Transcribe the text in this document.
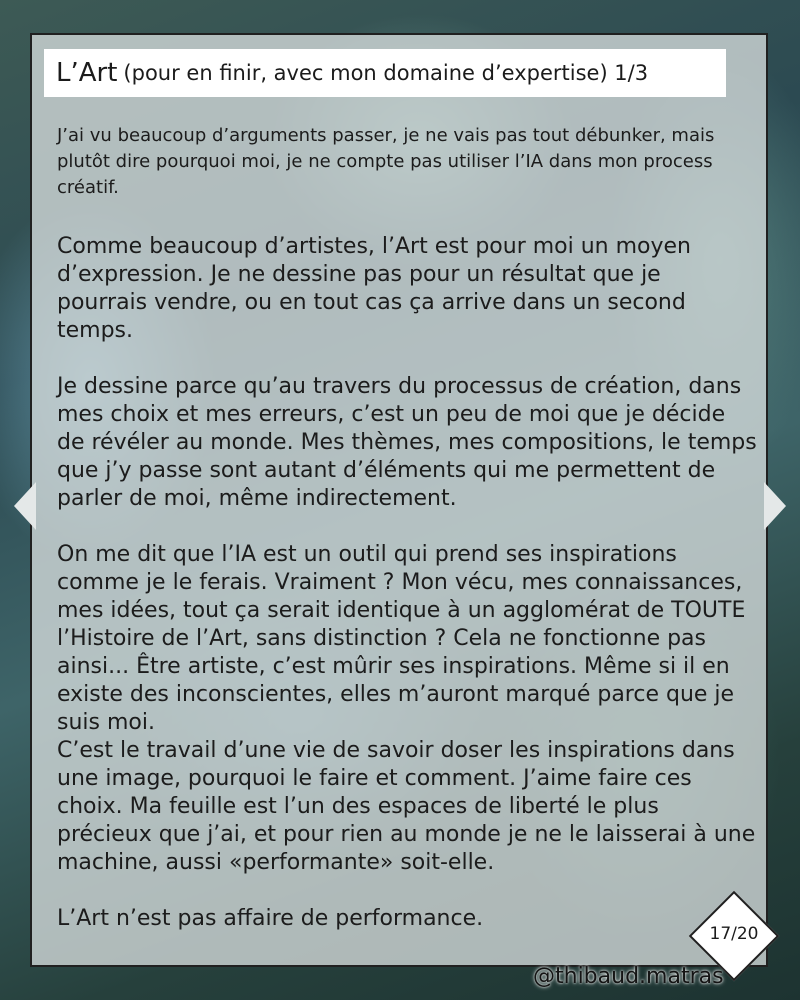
L’Art (pour en finir, avec mon domaine d’expertise) 1/3

J’ai vu beaucoup d’arguments passer, je ne vais pas tout débunker, mais plutôt dire pourquoi moi, je ne compte pas utiliser l’IA dans mon process créatif.

Comme beaucoup d’artistes, l’Art est pour moi un moyen d’expression. Je ne dessine pas pour un résultat que je pourrais vendre, ou en tout cas ça arrive dans un second temps.

Je dessine parce qu’au travers du processus de création, dans mes choix et mes erreurs, c’est un peu de moi que je décide de révéler au monde. Mes thèmes, mes compositions, le temps que j’y passe sont autant d’éléments qui me permettent de parler de moi, même indirectement.

On me dit que l’IA est un outil qui prend ses inspirations comme je le ferais. Vraiment ? Mon vécu, mes connaissances, mes idées, tout ça serait identique à un agglomérat de TOUTE l’Histoire de l’Art, sans distinction ? Cela ne fonctionne pas ainsi... Être artiste, c’est mûrir ses inspirations. Même si il en existe des inconscientes, elles m’auront marqué parce que je suis moi.

C’est le travail d’une vie de savoir doser les inspirations dans une image, pourquoi le faire et comment. J’aime faire ces choix. Ma feuille est l’un des espaces de liberté le plus précieux que j’ai, et pour rien au monde je ne le laisserai à une machine, aussi «performante» soit-elle.

L’Art n’est pas affaire de performance.

17/20
@thibaud.matras
